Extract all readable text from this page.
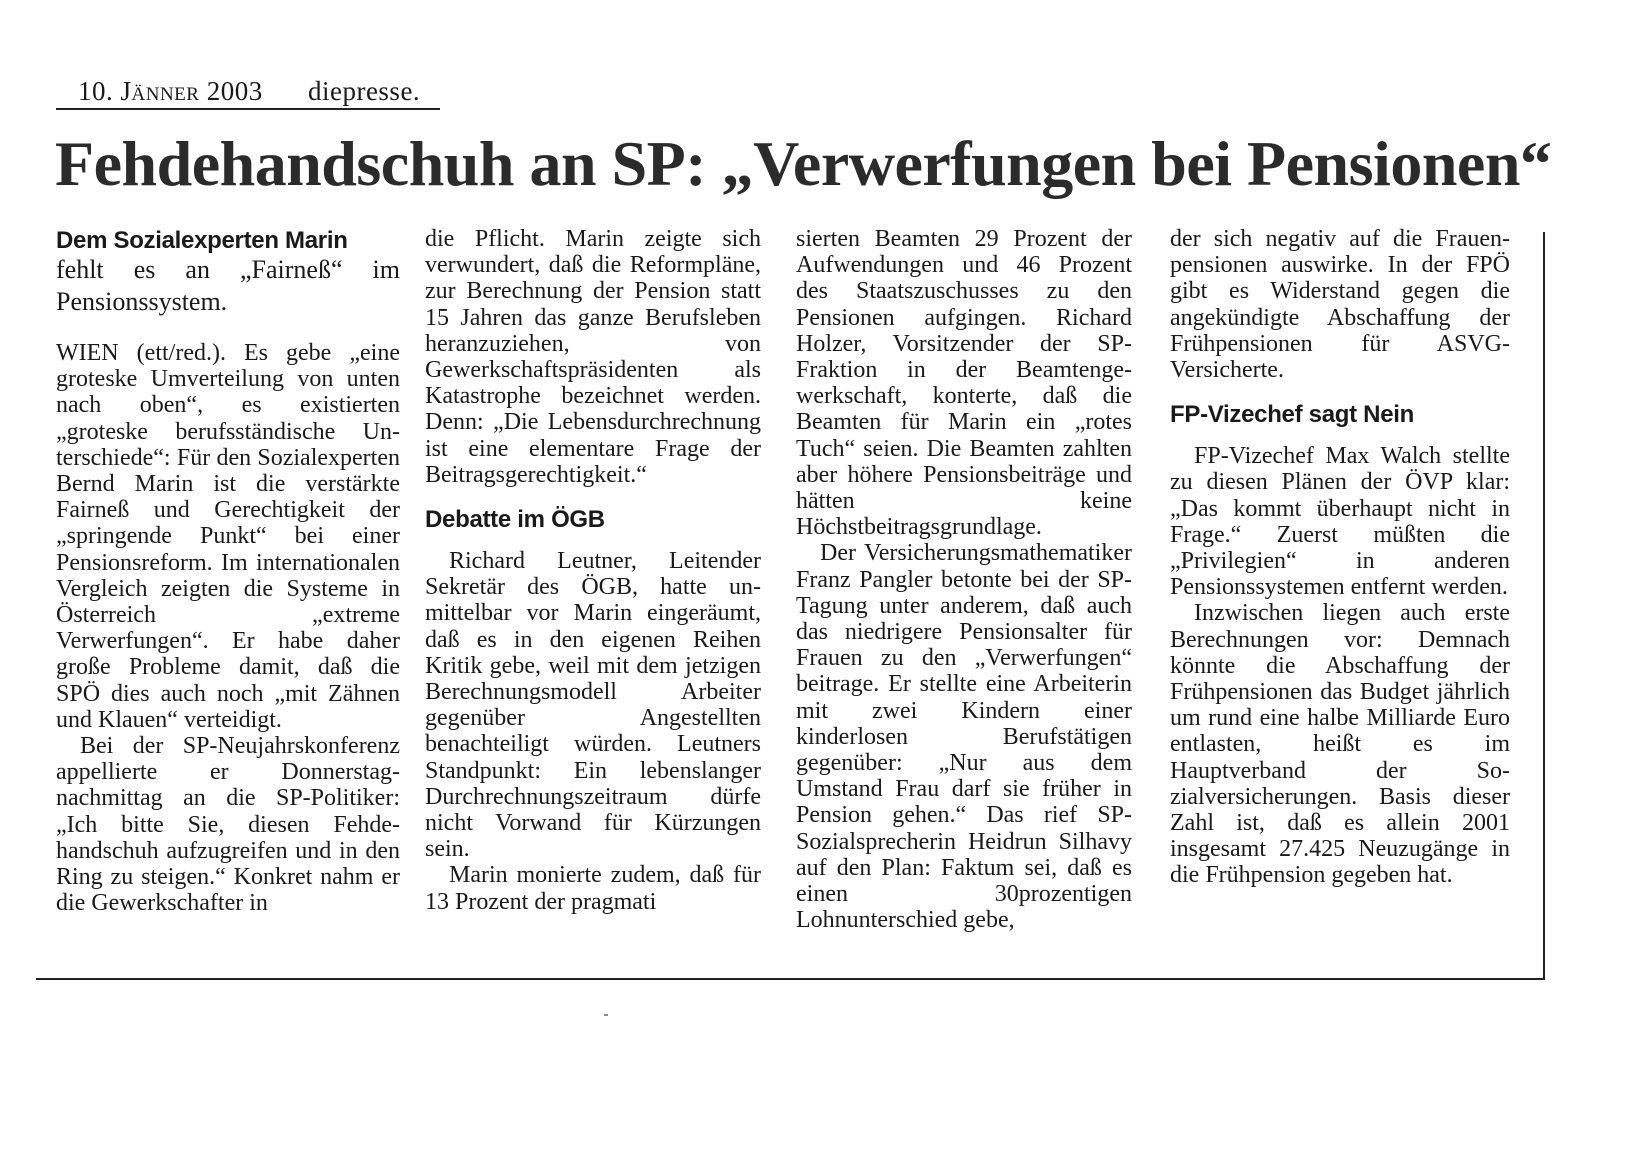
10. Jänner 2003 diepresse.
Fehdehandschuh an SP: „Verwerfungen bei Pensionen“
Dem Sozialexperten Marin
fehlt es an „Fairneß“ im Pensionssystem.

WIEN (ett/red.). Es gebe „eine groteske Umverteilung von unten nach oben“, es existierten „groteske berufsständische Unterschiede“: Für den Sozialexperten Bernd Marin ist die verstärkte Fairneß und Gerechtigkeit der „springende Punkt“ bei einer Pensionsreform. Im internationalen Vergleich zeigten die Systeme in Österreich „extreme Verwerfungen“. Er habe daher große Probleme damit, daß die SPÖ dies auch noch „mit Zähnen und Klauen“ verteidigt.

Bei der SP-Neujahrskonferenz appellierte er Donnerstagnachmittag an die SP-Politiker: „Ich bitte Sie, diesen Fehdehandschuh aufzugreifen und in den Ring zu steigen.“ Konkret nahm er die Gewerkschafter in

die Pflicht. Marin zeigte sich verwundert, daß die Reformpläne, zur Berechnung der Pension statt 15 Jahren das ganze Berufsleben heranzuziehen, von Gewerkschaftspräsidenten als Katastrophe bezeichnet werden. Denn: „Die Lebensdurchrechnung ist eine elementare Frage der Beitragsgerechtigkeit.“

Debatte im ÖGB

Richard Leutner, Leitender Sekretär des ÖGB, hatte unmittelbar vor Marin eingeräumt, daß es in den eigenen Reihen Kritik gebe, weil mit dem jetzigen Berechnungsmodell Arbeiter gegenüber Angestellten benachteiligt würden. Leutners Standpunkt: Ein lebenslanger Durchrechnungszeitraum dürfe nicht Vorwand für Kürzungen sein.

Marin monierte zudem, daß für 13 Prozent der pragmati

sierten Beamten 29 Prozent der Aufwendungen und 46 Prozent des Staatszuschusses zu den Pensionen aufgingen. Richard Holzer, Vorsitzender der SP-Fraktion in der Beamtengewerkschaft, konterte, daß die Beamten für Marin ein „rotes Tuch“ seien. Die Beamten zahlten aber höhere Pensionsbeiträge und hätten keine Höchstbeitragsgrundlage.

Der Versicherungsmathematiker Franz Pangler betonte bei der SP-Tagung unter anderem, daß auch das niedrigere Pensionsalter für Frauen zu den „Verwerfungen“ beitrage. Er stellte eine Arbeiterin mit zwei Kindern einer kinderlosen Berufstätigen gegenüber: „Nur aus dem Umstand Frau darf sie früher in Pension gehen.“ Das rief SP-Sozialsprecherin Heidrun Silhavy auf den Plan: Faktum sei, daß es einen 30prozentigen Lohnunterschied gebe,

der sich negativ auf die Frauenpensionen auswirke. In der FPÖ gibt es Widerstand gegen die angekündigte Abschaffung der Frühpensionen für ASVG-Versicherte.

FP-Vizechef sagt Nein

FP-Vizechef Max Walch stellte zu diesen Plänen der ÖVP klar: „Das kommt überhaupt nicht in Frage.“ Zuerst müßten die „Privilegien“ in anderen Pensionssystemen entfernt werden.

Inzwischen liegen auch erste Berechnungen vor: Demnach könnte die Abschaffung der Frühpensionen das Budget jährlich um rund eine halbe Milliarde Euro entlasten, heißt es im Hauptverband der Sozialversicherungen. Basis dieser Zahl ist, daß es allein 2001 insgesamt 27.425 Neuzugänge in die Frühpension gegeben hat.
